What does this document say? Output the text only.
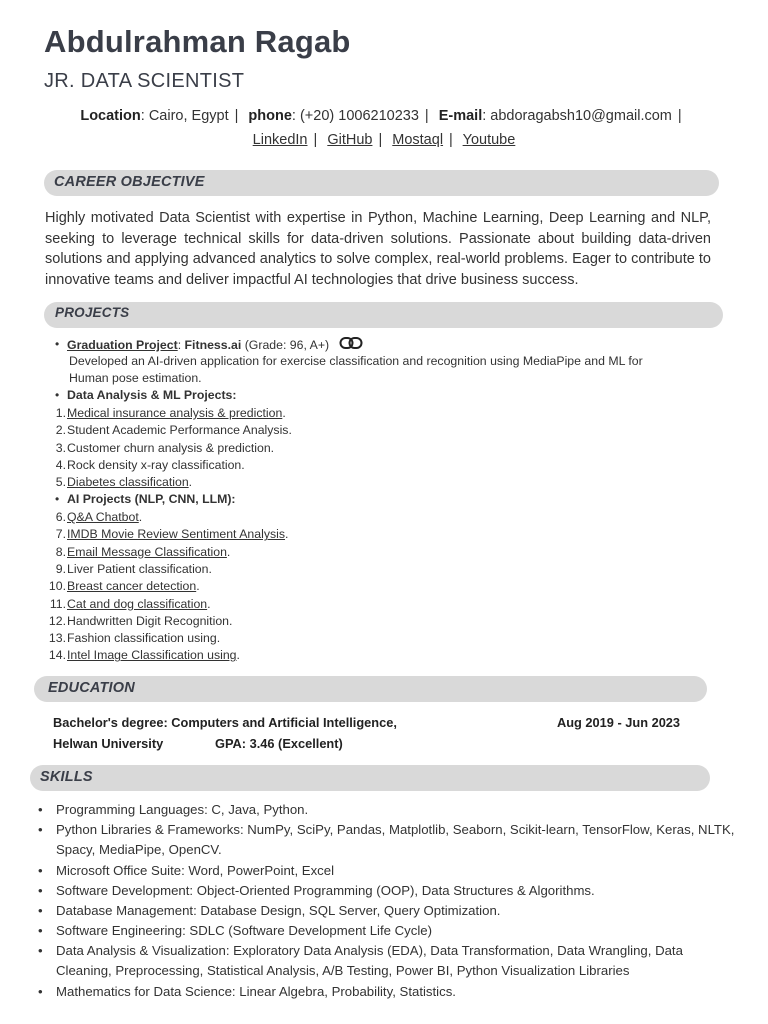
Abdulrahman Ragab
JR. DATA SCIENTIST
Location: Cairo, Egypt | phone: (+20) 1006210233 | E-mail: abdoragabsh10@gmail.com |
LinkedIn | GitHub | Mostaql | Youtube
CAREER OBJECTIVE
Highly motivated Data Scientist with expertise in Python, Machine Learning, Deep Learning and NLP, seeking to leverage technical skills for data-driven solutions. Passionate about building data-driven solutions and applying advanced analytics to solve complex, real-world problems. Eager to contribute to innovative teams and deliver impactful AI technologies that drive business success.
PROJECTS
• Graduation Project: Fitness.ai (Grade: 96, A+)
Developed an AI-driven application for exercise classification and recognition using MediaPipe and ML for
Human pose estimation.
• Data Analysis & ML Projects:
1. Medical insurance analysis & prediction.
2. Student Academic Performance Analysis.
3. Customer churn analysis & prediction.
4. Rock density x-ray classification.
5. Diabetes classification.
• AI Projects (NLP, CNN, LLM):
6. Q&A Chatbot.
7. IMDB Movie Review Sentiment Analysis.
8. Email Message Classification.
9. Liver Patient classification.
10. Breast cancer detection.
11. Cat and dog classification.
12. Handwritten Digit Recognition.
13. Fashion classification using.
14. Intel Image Classification using.
EDUCATION
Bachelor's degree: Computers and Artificial Intelligence,	Aug 2019 - Jun 2023
Helwan University	GPA: 3.46 (Excellent)
SKILLS
• Programming Languages: C, Java, Python.
• Python Libraries & Frameworks: NumPy, SciPy, Pandas, Matplotlib, Seaborn, Scikit-learn, TensorFlow, Keras, NLTK, Spacy, MediaPipe, OpenCV.
• Microsoft Office Suite: Word, PowerPoint, Excel
• Software Development: Object-Oriented Programming (OOP), Data Structures & Algorithms.
• Database Management: Database Design, SQL Server, Query Optimization.
• Software Engineering: SDLC (Software Development Life Cycle)
• Data Analysis & Visualization: Exploratory Data Analysis (EDA), Data Transformation, Data Wrangling, Data Cleaning, Preprocessing, Statistical Analysis, A/B Testing, Power BI, Python Visualization Libraries
• Mathematics for Data Science: Linear Algebra, Probability, Statistics.
